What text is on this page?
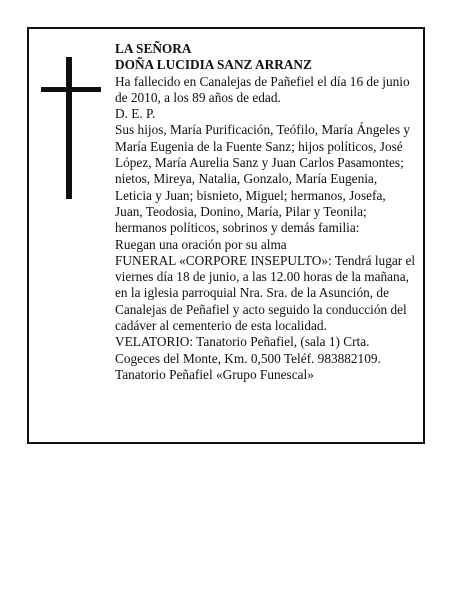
LA SEÑORA

DOÑA LUCIDIA SANZ ARRANZ

Ha fallecido en Canalejas de Pañefiel el día 16 de junio
de 2010, a los 89 años de edad.

D. E. P.

Sus hijos, María Purificación, Teófilo, María Ángeles y
María Eugenia de la Fuente Sanz; hijos políticos, José
López, María Aurelia Sanz y Juan Carlos Pasamontes;
nietos, Mireya, Natalia, Gonzalo, María Eugenia,
Leticia y Juan; bisnieto, Miguel; hermanos, Josefa,
Juan, Teodosia, Donino, María, Pilar y Teonila;
hermanos políticos, sobrinos y demás familia:

Ruegan una oración por su alma

FUNERAL «CORPORE INSEPULTO»: Tendrá lugar el
viernes día 18 de junio, a las 12.00 horas de la mañana,
en la iglesia parroquial Nra. Sra. de la Asunción, de
Canalejas de Peñafiel y acto seguido la conducción del
cadáver al cementerio de esta localidad.

VELATORIO: Tanatorio Peñafiel, (sala 1) Crta.
Cogeces del Monte, Km. 0,500 Teléf. 983882109.

Tanatorio Peñafiel «Grupo Funescal»
